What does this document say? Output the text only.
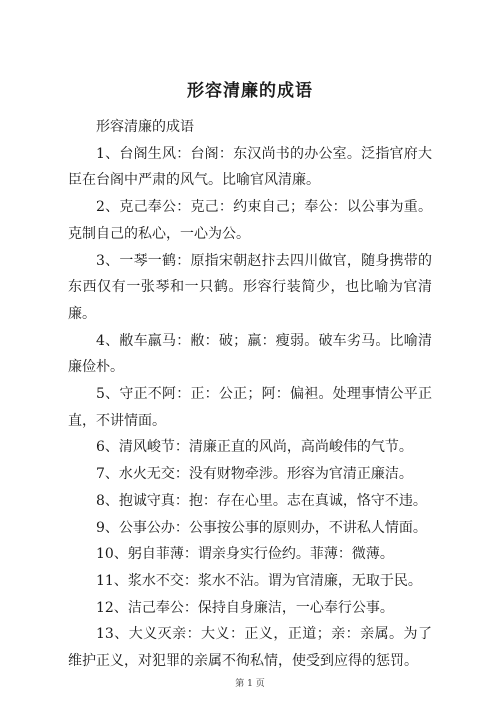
形容清廉的成语

形容清廉的成语

1、台阁生风：台阁：东汉尚书的办公室。泛指官府大臣在台阁中严肃的风气。比喻官风清廉。

2、克己奉公：克己：约束自己；奉公：以公事为重。克制自己的私心，一心为公。

3、一琴一鹤：原指宋朝赵抃去四川做官，随身携带的东西仅有一张琴和一只鹤。形容行装简少，也比喻为官清廉。

4、敝车羸马：敝：破；羸：瘦弱。破车劣马。比喻清廉俭朴。

5、守正不阿：正：公正；阿：偏袒。处理事情公平正直，不讲情面。

6、清风峻节：清廉正直的风尚，高尚峻伟的气节。

7、水火无交：没有财物牵涉。形容为官清正廉洁。

8、抱诚守真：抱：存在心里。志在真诚，恪守不违。

9、公事公办：公事按公事的原则办，不讲私人情面。

10、躬自菲薄：谓亲身实行俭约。菲薄：微薄。

11、浆水不交：浆水不沾。谓为官清廉，无取于民。

12、洁己奉公：保持自身廉洁，一心奉行公事。

13、大义灭亲：大义：正义，正道；亲：亲属。为了维护正义，对犯罪的亲属不徇私情，使受到应得的惩罚。

第 1 页
